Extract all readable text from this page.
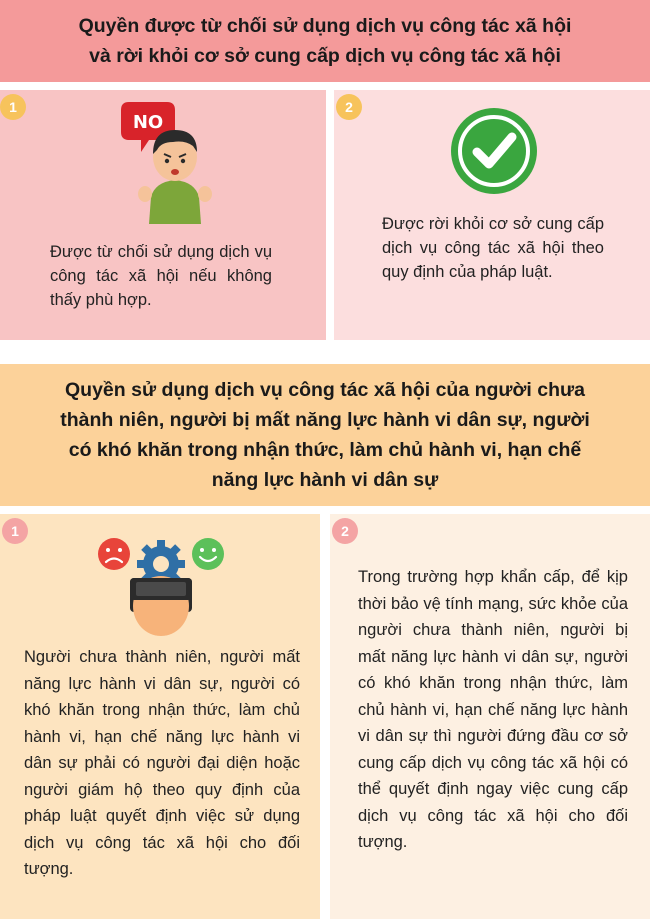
Quyền được từ chối sử dụng dịch vụ công tác xã hội
và rời khỏi cơ sở cung cấp dịch vụ công tác xã hội
1
NO
Được từ chối sử dụng dịch vụ công tác xã hội nếu không thấy phù hợp.
2
Được rời khỏi cơ sở cung cấp dịch vụ công tác xã hội theo quy định của pháp luật.
Quyền sử dụng dịch vụ công tác xã hội của người chưa
thành niên, người bị mất năng lực hành vi dân sự, người
có khó khăn trong nhận thức, làm chủ hành vi, hạn chế
năng lực hành vi dân sự
1
Người chưa thành niên, người mất năng lực hành vi dân sự, người có khó khăn trong nhận thức, làm chủ hành vi, hạn chế năng lực hành vi dân sự phải có người đại diện hoặc người giám hộ theo quy định của pháp luật quyết định việc sử dụng dịch vụ công tác xã hội cho đối tượng.
2
Trong trường hợp khẩn cấp, để kịp thời bảo vệ tính mạng, sức khỏe của người chưa thành niên, người bị mất năng lực hành vi dân sự, người có khó khăn trong nhận thức, làm chủ hành vi, hạn chế năng lực hành vi dân sự thì người đứng đầu cơ sở cung cấp dịch vụ công tác xã hội có thể quyết định ngay việc cung cấp dịch vụ công tác xã hội cho đối tượng.
